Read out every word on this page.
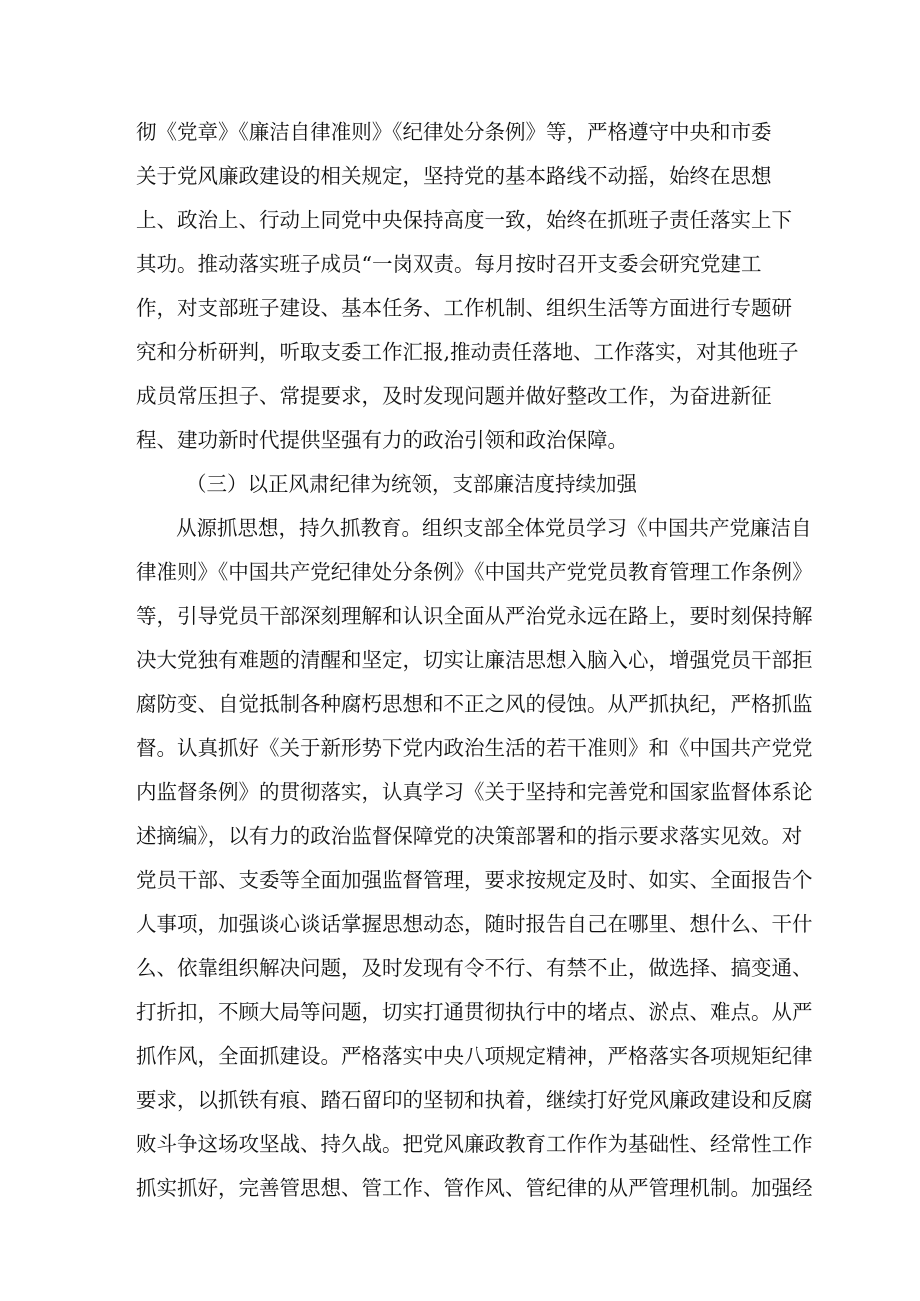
彻《党章》《廉洁自律准则》《纪律处分条例》等，严格遵守中央和市委
关于党风廉政建设的相关规定，坚持党的基本路线不动摇，始终在思想
上、政治上、行动上同党中央保持高度一致，始终在抓班子责任落实上下
其功。推动落实班子成员“一岗双责。每月按时召开支委会研究党建工
作，对支部班子建设、基本任务、工作机制、组织生活等方面进行专题研
究和分析研判，听取支委工作汇报,推动责任落地、工作落实，对其他班子
成员常压担子、常提要求，及时发现问题并做好整改工作，为奋进新征
程、建功新时代提供坚强有力的政治引领和政治保障。
（三）以正风肃纪律为统领，支部廉洁度持续加强
从源抓思想，持久抓教育。组织支部全体党员学习《中国共产党廉洁自
律准则》《中国共产党纪律处分条例》《中国共产党党员教育管理工作条例》
等，引导党员干部深刻理解和认识全面从严治党永远在路上，要时刻保持解
决大党独有难题的清醒和坚定，切实让廉洁思想入脑入心，增强党员干部拒
腐防变、自觉抵制各种腐朽思想和不正之风的侵蚀。从严抓执纪，严格抓监
督。认真抓好《关于新形势下党内政治生活的若干准则》和《中国共产党党
内监督条例》的贯彻落实，认真学习《关于坚持和完善党和国家监督体系论
述摘编》，以有力的政治监督保障党的决策部署和的指示要求落实见效。对
党员干部、支委等全面加强监督管理，要求按规定及时、如实、全面报告个
人事项，加强谈心谈话掌握思想动态，随时报告自己在哪里、想什么、干什
么、依靠组织解决问题，及时发现有令不行、有禁不止，做选择、搞变通、
打折扣，不顾大局等问题，切实打通贯彻执行中的堵点、淤点、难点。从严
抓作风，全面抓建设。严格落实中央八项规定精神，严格落实各项规矩纪律
要求，以抓铁有痕、踏石留印的坚韧和执着，继续打好党风廉政建设和反腐
败斗争这场攻坚战、持久战。把党风廉政教育工作作为基础性、经常性工作
抓实抓好，完善管思想、管工作、管作风、管纪律的从严管理机制。加强经
